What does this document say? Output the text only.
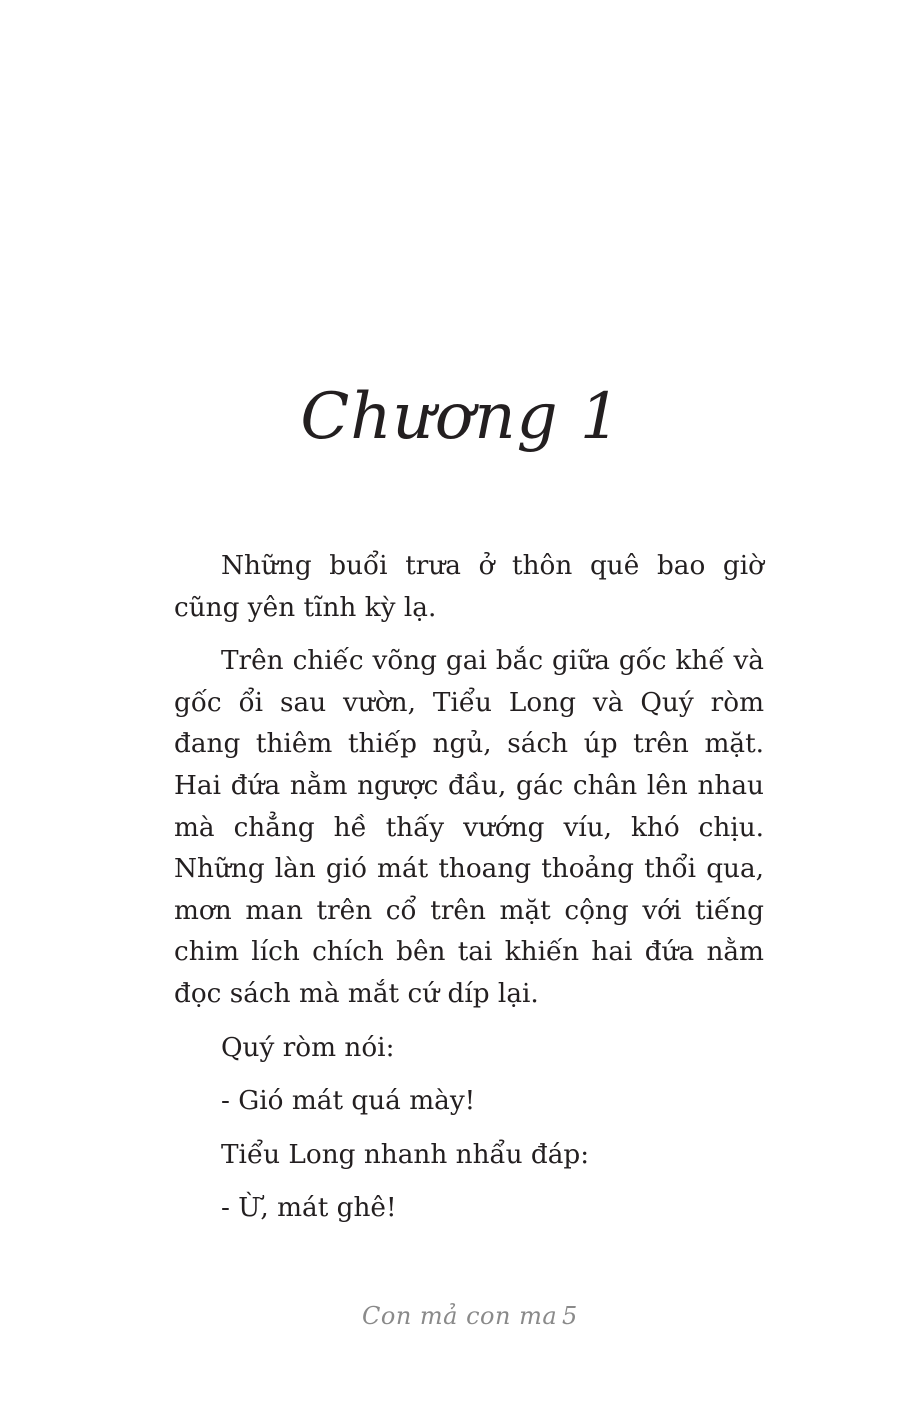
Chương 1

Những buổi trưa ở thôn quê bao giờ cũng yên tĩnh kỳ lạ.

Trên chiếc võng gai bắc giữa gốc khế và gốc ổi sau vườn, Tiểu Long và Quý ròm đang thiêm thiếp ngủ, sách úp trên mặt. Hai đứa nằm ngược đầu, gác chân lên nhau mà chẳng hề thấy vướng víu, khó chịu. Những làn gió mát thoang thoảng thổi qua, mơn man trên cổ trên mặt cộng với tiếng chim lích chích bên tai khiến hai đứa nằm đọc sách mà mắt cứ díp lại.

Quý ròm nói:

- Gió mát quá mày!

Tiểu Long nhanh nhẩu đáp:

- Ừ, mát ghê!

Con mả con ma 5
